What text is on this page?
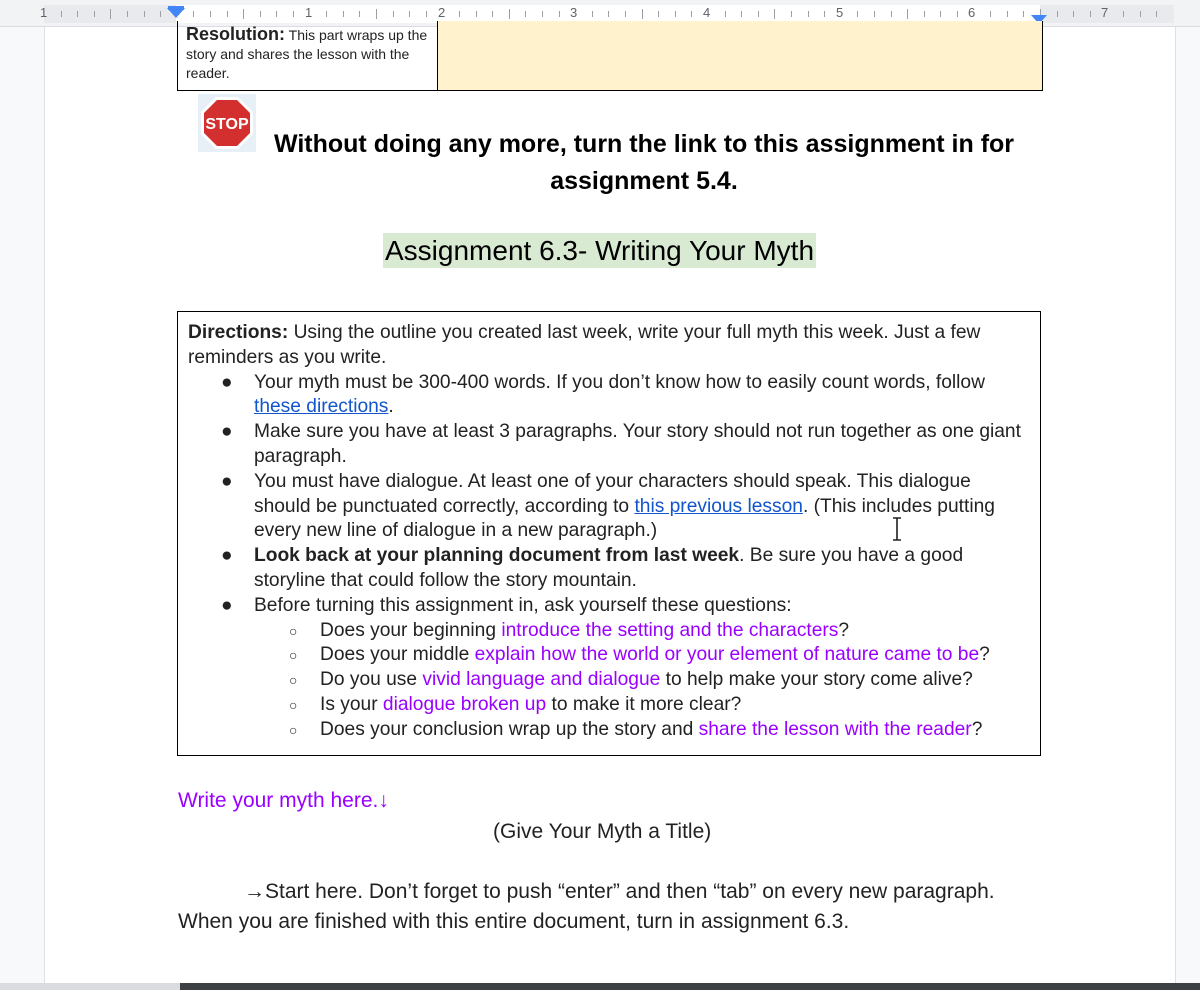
1	1	2	3	4	5	6	7
Resolution: This part wraps up the story and shares the lesson with the reader.
STOP
Without doing any more, turn the link to this assignment in for
assignment 5.4.
Assignment 6.3- Writing Your Myth

Directions: Using the outline you created last week, write your full myth this week. Just a few reminders as you write.

● Your myth must be 300-400 words. If you don’t know how to easily count words, follow these directions.

● Make sure you have at least 3 paragraphs. Your story should not run together as one giant paragraph.

● You must have dialogue. At least one of your characters should speak. This dialogue should be punctuated correctly, according to this previous lesson. (This includes putting every new line of dialogue in a new paragraph.)

● Look back at your planning document from last week. Be sure you have a good storyline that could follow the story mountain.

● Before turning this assignment in, ask yourself these questions:

○ Does your beginning introduce the setting and the characters?

○ Does your middle explain how the world or your element of nature came to be?

○ Do you use vivid language and dialogue to help make your story come alive?

○ Is your dialogue broken up to make it more clear?

○ Does your conclusion wrap up the story and share the lesson with the reader?

Write your myth here.↓
(Give Your Myth a Title)
→Start here. Don’t forget to push “enter” and then “tab” on every new paragraph.
When you are finished with this entire document, turn in assignment 6.3.
